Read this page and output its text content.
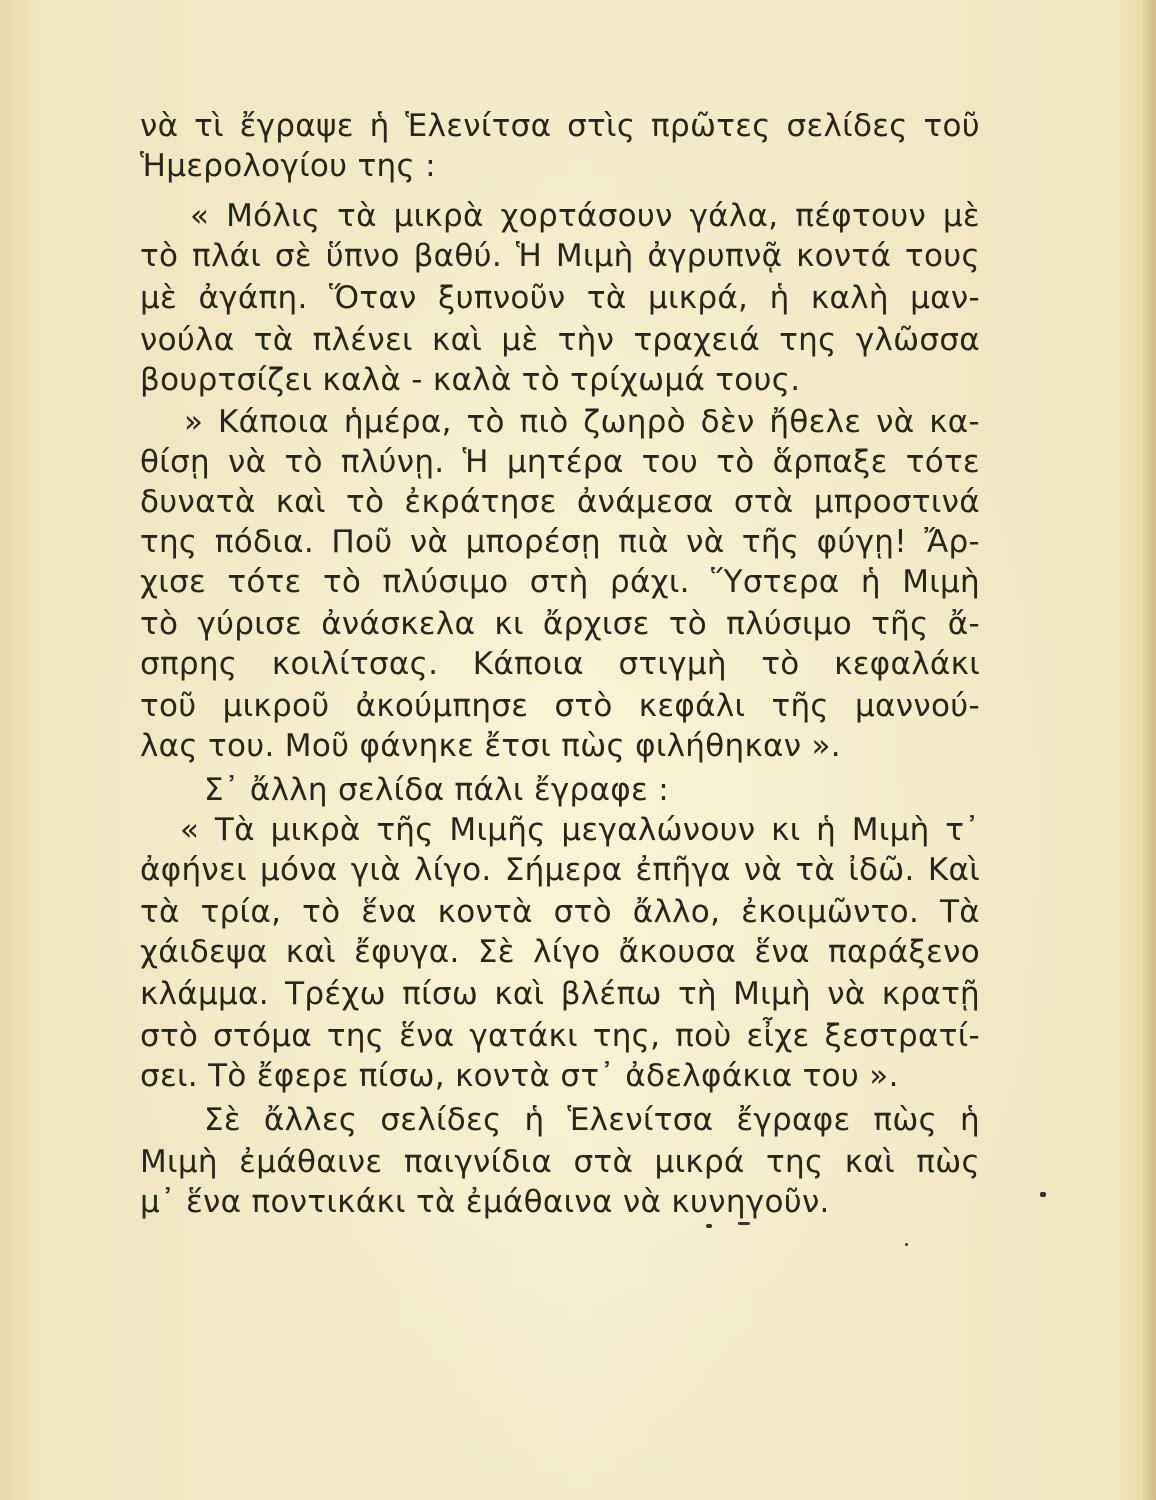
νὰ τὶ ἔγραψε ἡ Ἑλενίτσα στὶς πρῶτες σελίδες τοῦ
Ἡμερολογίου της :
« Μόλις τὰ μικρὰ χορτάσουν γάλα, πέφτουν μὲ
τὸ πλάι σὲ ὕπνο βαθύ. Ἡ Μιμὴ ἀγρυπνᾷ κοντά τους
μὲ ἀγάπη. Ὅταν ξυπνοῦν τὰ μικρά, ἡ καλὴ μαν-
νούλα τὰ πλένει καὶ μὲ τὴν τραχειά της γλῶσσα
βουρτσίζει καλὰ - καλὰ τὸ τρίχωμά τους.
» Κάποια ἡμέρα, τὸ πιὸ ζωηρὸ δὲν ἤθελε νὰ κα-
θίσῃ νὰ τὸ πλύνῃ. Ἡ μητέρα του τὸ ἅρπαξε τότε
δυνατὰ καὶ τὸ ἐκράτησε ἀνάμεσα στὰ μπροστινά
της πόδια. Ποῦ νὰ μπορέσῃ πιὰ νὰ τῆς φύγῃ! Ἄρ-
χισε τότε τὸ πλύσιμο στὴ ράχι. Ὕστερα ἡ Μιμὴ
τὸ γύρισε ἀνάσκελα κι ἄρχισε τὸ πλύσιμο τῆς ἄ-
σπρης κοιλίτσας. Κάποια στιγμὴ τὸ κεφαλάκι
τοῦ μικροῦ ἀκούμπησε στὸ κεφάλι τῆς μαννού-
λας του. Μοῦ φάνηκε ἔτσι πὼς φιλήθηκαν ».
Σ᾽ ἄλλη σελίδα πάλι ἔγραφε :
« Τὰ μικρὰ τῆς Μιμῆς μεγαλώνουν κι ἡ Μιμὴ τ᾽
ἀφήνει μόνα γιὰ λίγο. Σήμερα ἐπῆγα νὰ τὰ ἰδῶ. Καὶ
τὰ τρία, τὸ ἕνα κοντὰ στὸ ἄλλο, ἐκοιμῶντο. Τὰ
χάιδεψα καὶ ἔφυγα. Σὲ λίγο ἄκουσα ἕνα παράξενο
κλάμμα. Τρέχω πίσω καὶ βλέπω τὴ Μιμὴ νὰ κρατῇ
στὸ στόμα της ἕνα γατάκι της, ποὺ εἶχε ξεστρατί-
σει. Τὸ ἔφερε πίσω, κοντὰ στ᾽ ἀδελφάκια του ».
Σὲ ἄλλες σελίδες ἡ Ἑλενίτσα ἔγραφε πὼς ἡ
Μιμὴ ἐμάθαινε παιγνίδια στὰ μικρά της καὶ πὼς
μ᾽ ἕνα ποντικάκι τὰ ἐμάθαινα νὰ κυνηγοῦν.
